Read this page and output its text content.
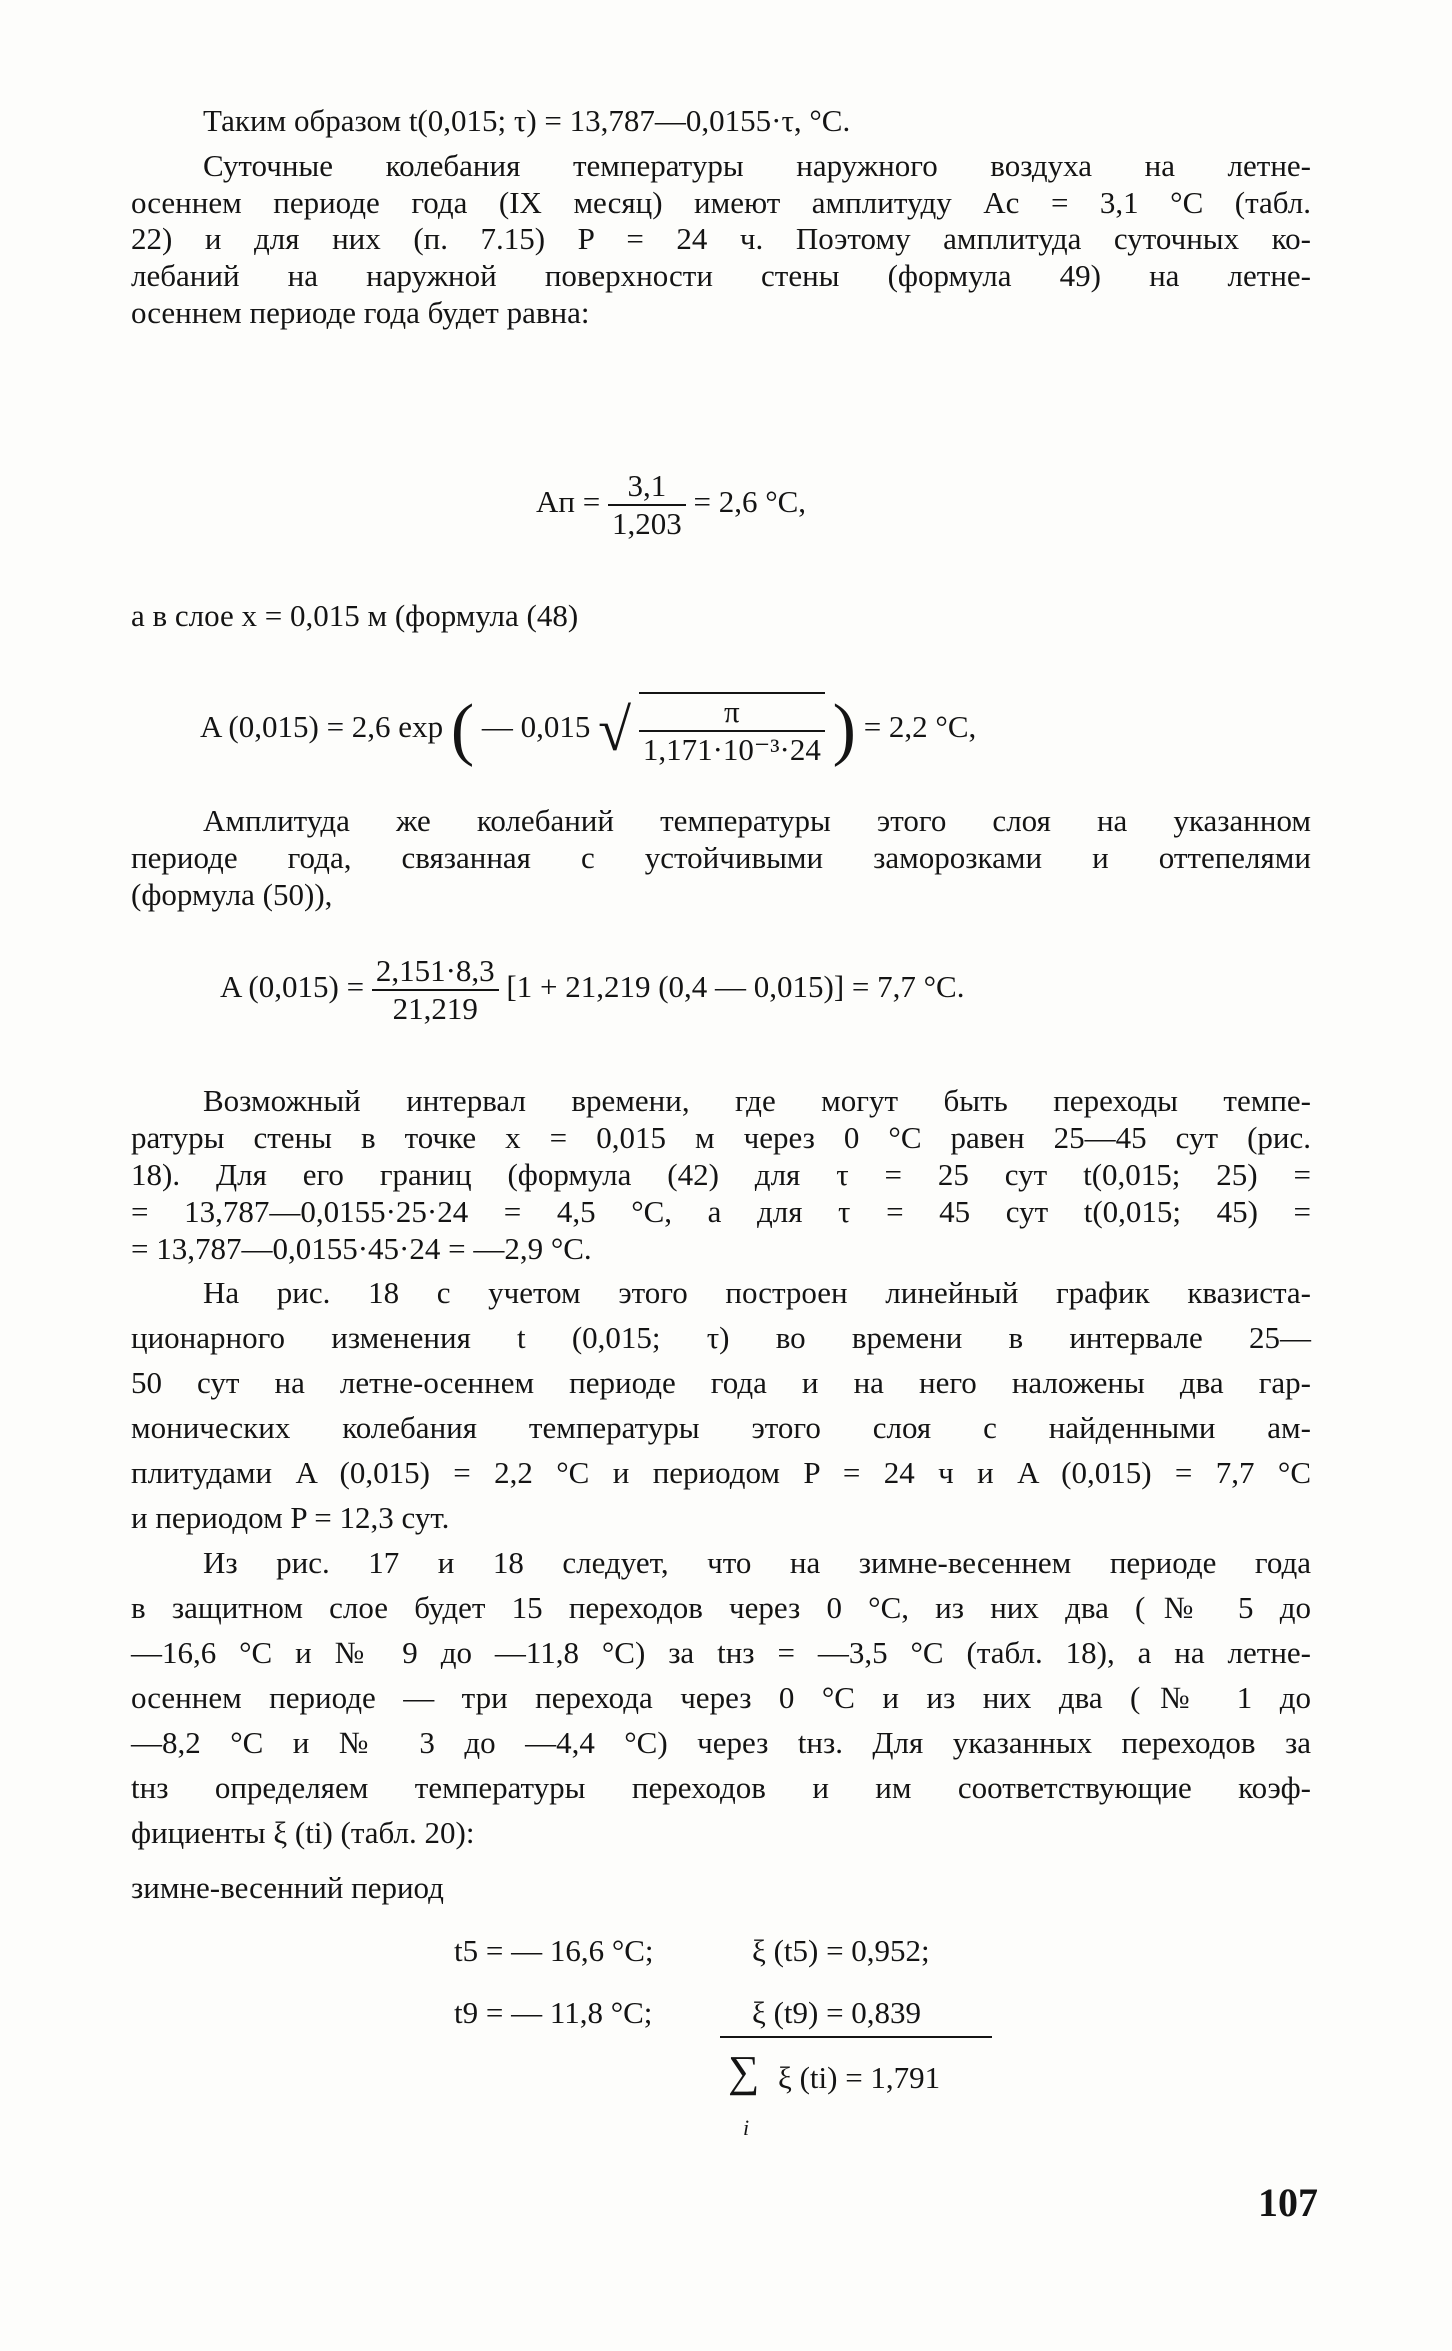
Таким образом t(0,015; τ) = 13,787—0,0155·τ, °С.
Суточные колебания температуры наружного воздуха на летне-
осеннем периоде года (IX месяц) имеют амплитуду Aс = 3,1 °С (табл.
22) и для них (п. 7.15) P = 24 ч. Поэтому амплитуда суточных ко-
лебаний на наружной поверхности стены (формула 49) на летне-
осеннем периоде года будет равна:
Aп = $\frac{3,1}{1,203} = 2,6$ °С,
а в слое x = 0,015 м (формула (48)
A (0,015) = 2,6 exp ( — 0,015 √ $\frac{\pi}{\text{1,171·10⁻³·24}}$ ) = 2,2 °С,
Амплитуда же колебаний температуры этого слоя на указанном
периоде года, связанная с устойчивыми заморозками и оттепелями
(формула (50)),
A $(0,015) = \frac{2,151\cdot 8,3}{21,219} [1 + 21,219$ (0,4 — 0,015)] = 7,7 °С.
Возможный интервал времени, где могут быть переходы темпе-
ратуры стены в точке x = 0,015 м через 0 °С равен 25—45 сут (рис.
18). Для его границ (формула (42) для τ = 25 сут t(0,015; 25) =
= 13,787—0,0155·25·24 = 4,5 °С, а для τ = 45 сут t(0,015; 45) =
= 13,787—0,0155·45·24 = —2,9 °С.
На рис. 18 с учетом этого построен линейный график квазиста-
ционарного изменения t (0,015; τ) во времени в интервале 25—
50 сут на летне-осеннем периоде года и на него наложены два гар-
монических колебания температуры этого слоя с найденными ам-
плитудами A (0,015) = 2,2 °С и периодом P = 24 ч и A (0,015) = 7,7 °С
и периодом P = 12,3 сут.
Из рис. 17 и 18 следует, что на зимне-весеннем периоде года
в защитном слое будет 15 переходов через 0 °С, из них два (№ 5 до
—16,6 °С и № 9 до —11,8 °С) за tнз = —3,5 °С (табл. 18), а на летне-
осеннем периоде — три перехода через 0 °С и из них два (№ 1 до
—8,2 °С и № 3 до —4,4 °С) через tнз. Для указанных переходов за
tнз определяем температуры переходов и им соответствующие коэф-
фициенты ξ (ti) (табл. 20):
зимне-весенний период
t5 = — 16,6 °С;	ξ (t5) = 0,952;
t9 = — 11,8 °С;	ξ (t9) = 0,839
∑
i
ξ (ti) = 1,791
107
